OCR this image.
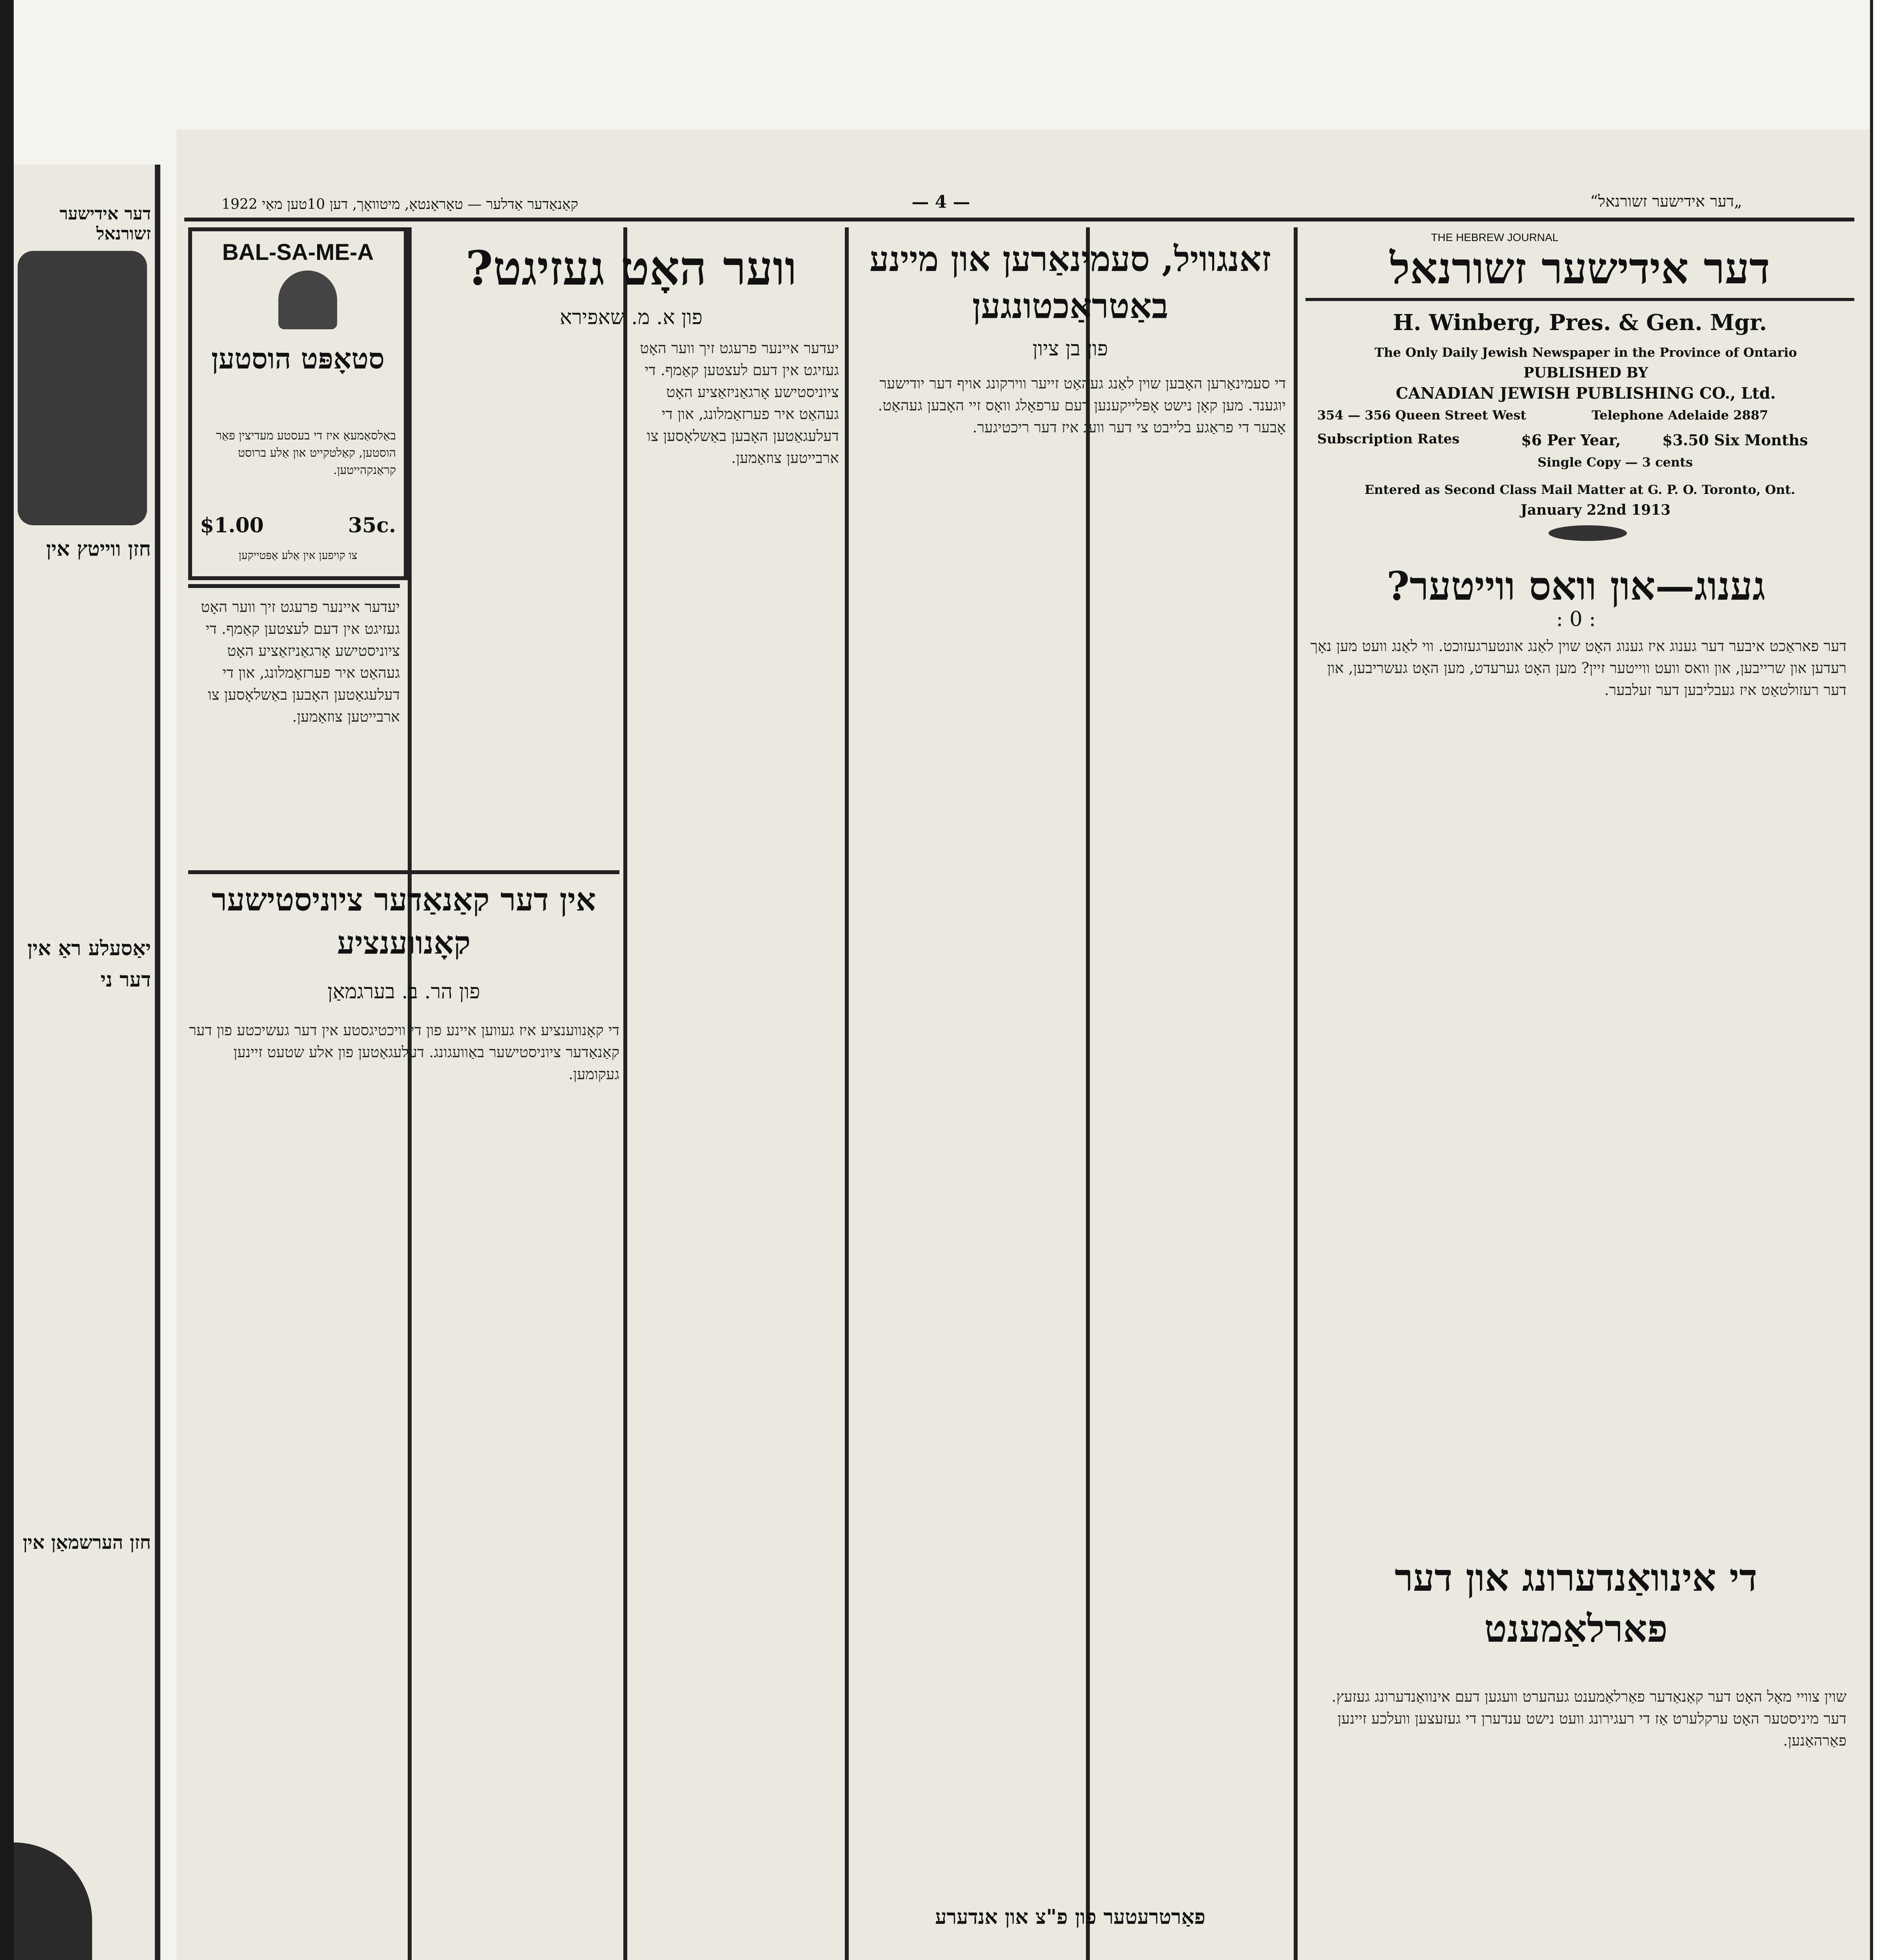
דער אידישער זשורנאל
חזן ווייטץ אין
יאַסעלע ראַ אין דער ני
חזן הערשמאַן אין
קאַנאַדער אַדלער — טאָראָנטאָ, מיטוואָך, דען 10טען מאַי 1922	— 4 —	„דער אידישער זשורנאל“
THE HEBREW JOURNAL
דער אידישער זשורנאל
H. Winberg, Pres. & Gen. Mgr.
The Only Daily Jewish Newspaper in the Province of Ontario
PUBLISHED BY
CANADIAN JEWISH PUBLISHING CO., Ltd.
354 — 356 Queen Street West	Telephone Adelaide 2887
Subscription Rates	$6 Per Year,	$3.50 Six Months
Single Copy — 3 cents
Entered as Second Class Mail Matter at G. P. O. Toronto, Ont.
January 22nd 1913
גענוג—און וואס ווייטער?
: 0 :
דער פאראַכט איבער דער גענוג איז גענוג האָט שוין לאַנג אונטערגעזוכט. ווי לאַנג וועט מען נאָך רעדען און שרייבען, און וואס וועט ווייטער זיין? מען האָט גערעדט, מען האָט געשריבען, און דער רעזולטאַט איז געבליבען דער זעלבער.
די אינוואַנדערונג און דער פארלאַמענט
שוין צוויי מאָל האָט דער קאַנאַדער פאַרלאַמענט געהערט וועגען דעם אינוואַנדערונג געזעץ. דער מיניסטער האָט ערקלערט אַז די רעגירונג וועט נישט ענדערן די געזעצען וועלכע זיינען פאַרהאַנען.
זאנגוויל, סעמינאַרען און מיינע באַטראַכטונגען
פון בן ציון
די סעמינאַרען האָבען שוין לאַנג געהאַט זייער ווירקונג אויף דער יודישער יוגענד. מען קאָן נישט אָפּלייקענען דעם ערפאָלג וואָס זיי האָבען געהאַט. אָבער די פראַגע בלייבט צי דער וועג איז דער ריכטיגער.
פאַרטרעטער פון פ"צ און אנדערע
ווער האָט געזיגט?
פון א. מ. שאפירא
יעדער איינער פרעגט זיך ווער האָט געזיגט אין דעם לעצטען קאַמף. די ציוניסטישע אָרגאַניזאַציע האָט געהאַט איר פערזאַמלונג, און די דעלעגאַטען האָבען באַשלאָסען צו ארבייטען צוזאַמען.
אין דער קאַנאַדער ציוניסטישער קאָנווענציע
פון הר. ב. בערגמאַן
די קאָנווענציע איז געווען איינע פון די וויכטיגסטע אין דער געשיכטע פון דער קאַנאַדער ציוניסטישער באַוועגונג. דעלעגאַטען פון אלע שטעט זיינען געקומען.
BAL-SA-ME-A
סטאָפּט הוסטען
באַלסאַמעאַ איז די בעסטע מעדיצין פאַר הוסטען, קאַלטקייט און אַלע ברוסט קראַנקהייטען.
$1.00	35c.
צו קויפען אין אַלע אַפּטייקען
יעדער איינער פרעגט זיך ווער האָט געזיגט אין דעם לעצטען קאַמף. די ציוניסטישע אָרגאַניזאַציע האָט געהאַט איר פערזאַמלונג, און די דעלעגאַטען האָבען באַשלאָסען צו ארבייטען צוזאַמען.
